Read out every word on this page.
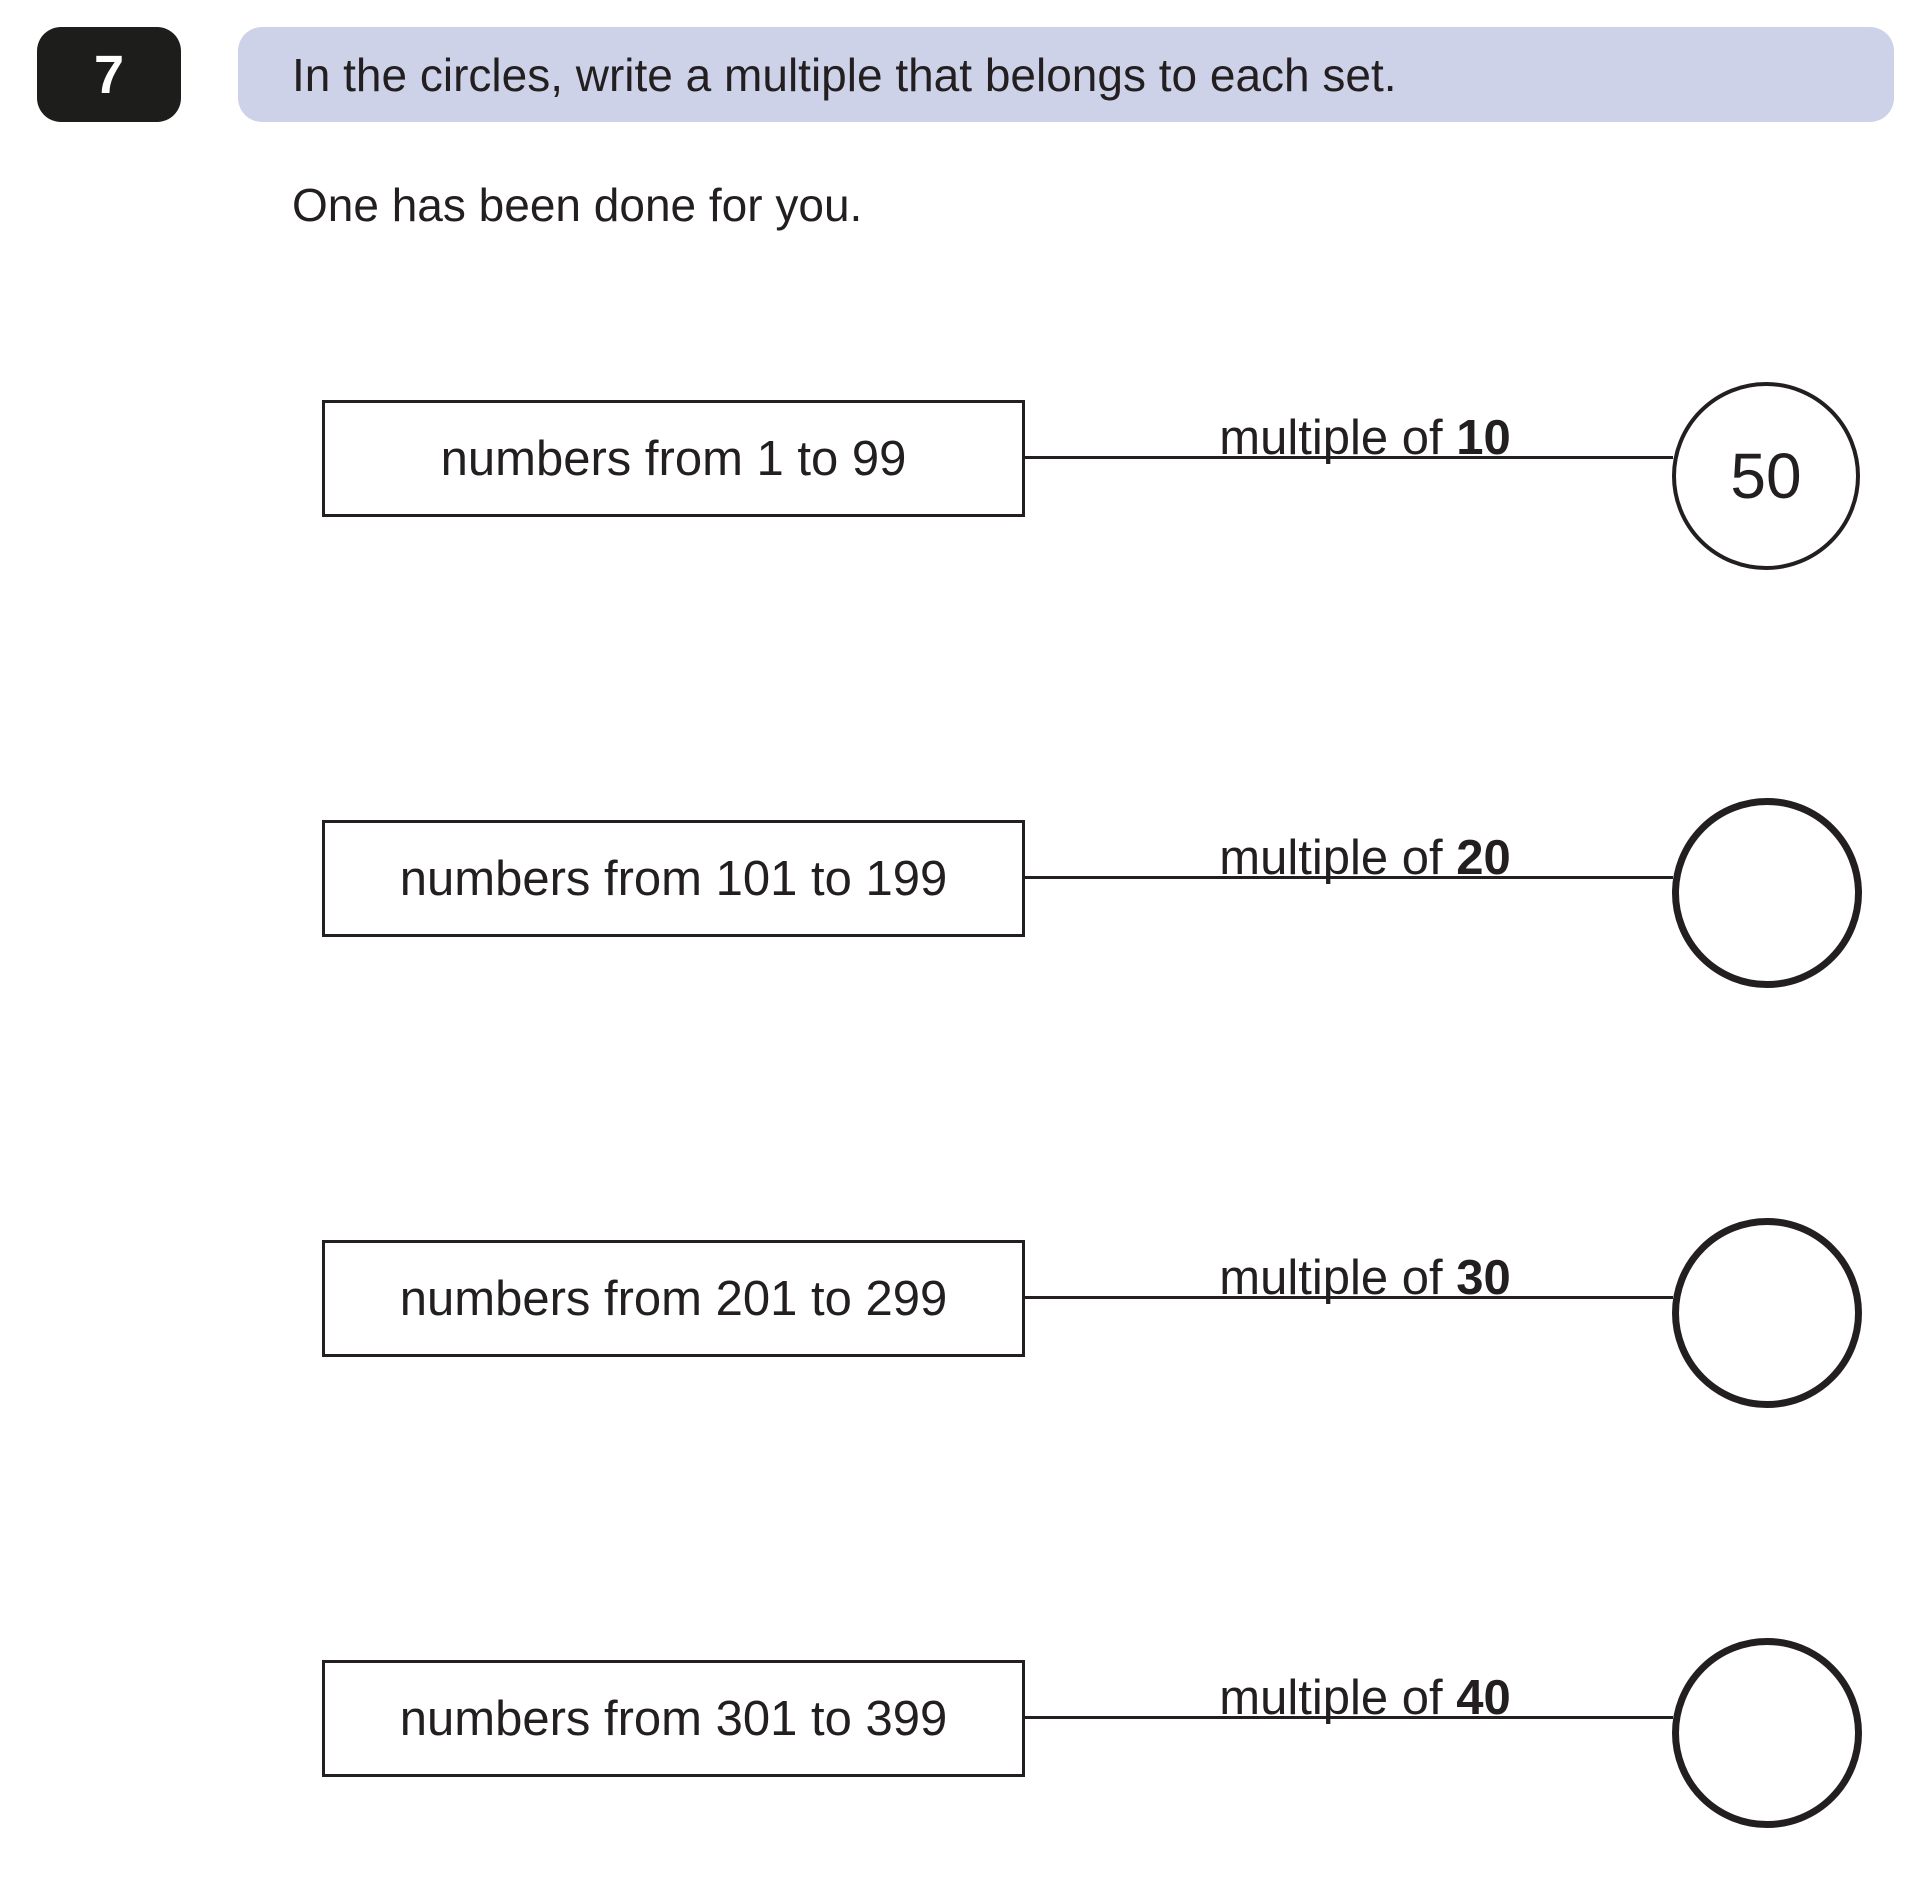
7	In the circles, write a multiple that belongs to each set.
One has been done for you.
numbers from 1 to 99	multiple of 10
50
numbers from 101 to 199	multiple of 20
numbers from 201 to 299	multiple of 30
numbers from 301 to 399	multiple of 40
